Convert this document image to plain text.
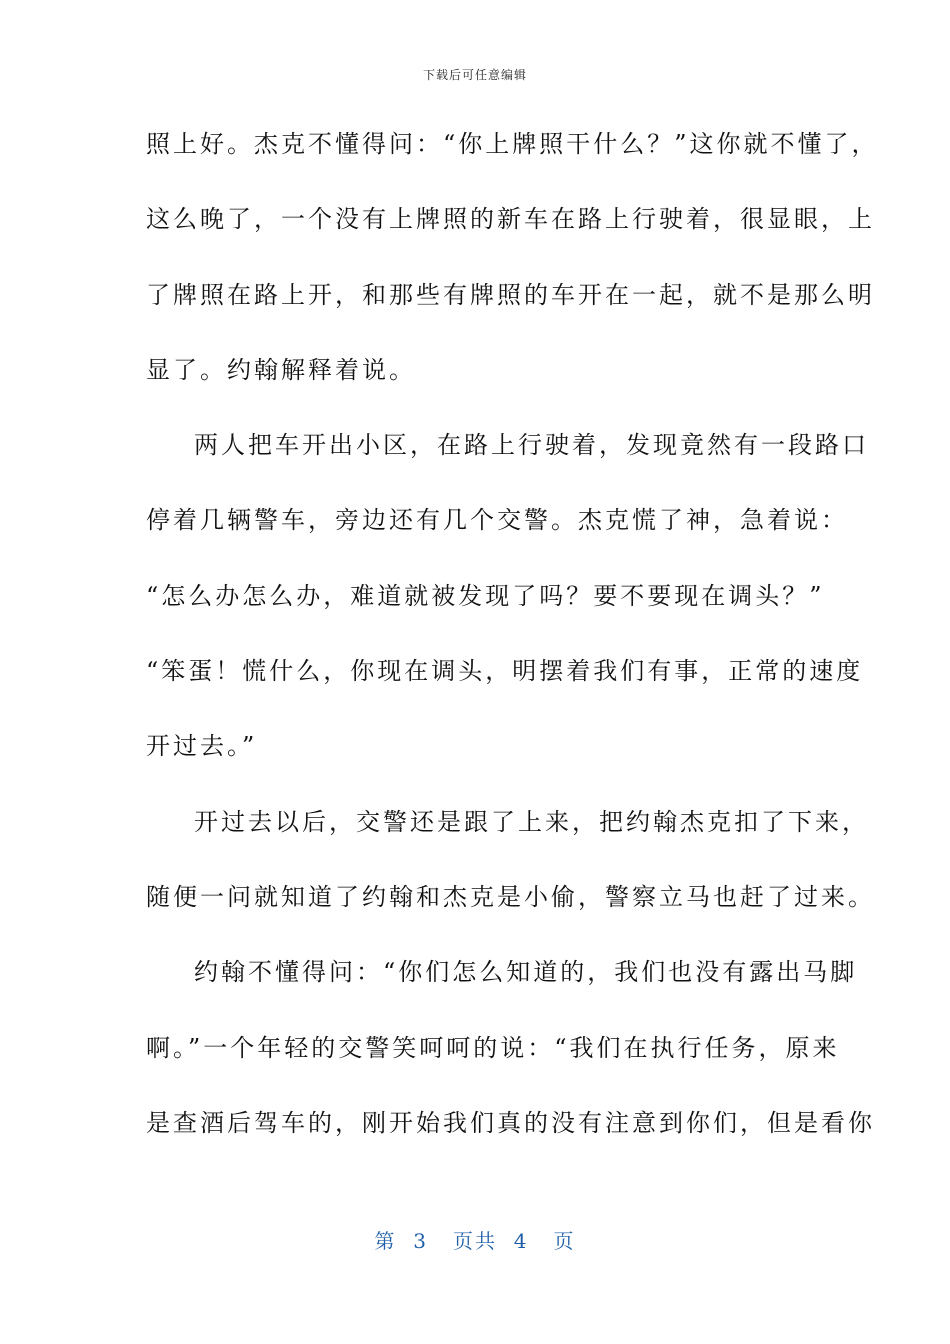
下载后可任意编辑
照上好。杰克不懂得问：“你上牌照干什么？”这你就不懂了，
这么晚了，一个没有上牌照的新车在路上行驶着，很显眼，上
了牌照在路上开，和那些有牌照的车开在一起，就不是那么明
显了。约翰解释着说。
两人把车开出小区，在路上行驶着，发现竟然有一段路口
停着几辆警车，旁边还有几个交警。杰克慌了神，急着说：
“怎么办怎么办，难道就被发现了吗？要不要现在调头？”
“笨蛋！慌什么，你现在调头，明摆着我们有事，正常的速度
开过去。”
开过去以后，交警还是跟了上来，把约翰杰克扣了下来，
随便一问就知道了约翰和杰克是小偷，警察立马也赶了过来。
约翰不懂得问：“你们怎么知道的，我们也没有露出马脚
啊。”一个年轻的交警笑呵呵的说：“我们在执行任务，原来
是查酒后驾车的，刚开始我们真的没有注意到你们，但是看你
第  3   页共  4   页
